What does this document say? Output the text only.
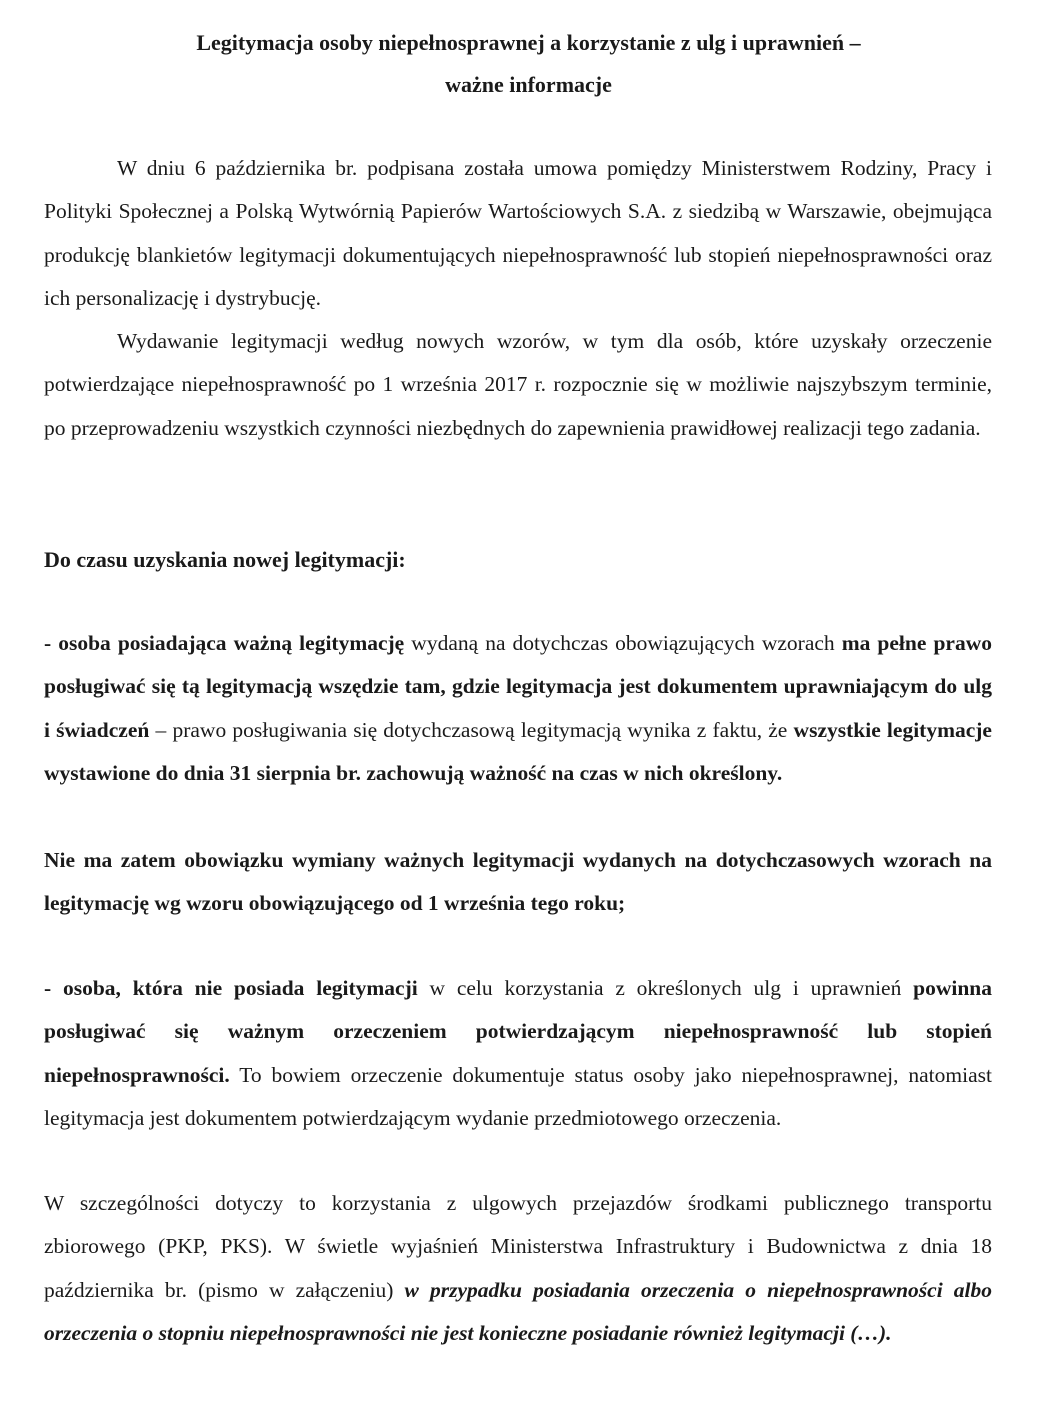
Legitymacja osoby niepełnosprawnej a korzystanie z ulg i uprawnień –
ważne informacje

W dniu 6 października br. podpisana została umowa pomiędzy Ministerstwem Rodziny, Pracy i Polityki Społecznej a Polską Wytwórnią Papierów Wartościowych S.A. z siedzibą w Warszawie, obejmująca produkcję blankietów legitymacji dokumentujących niepełnosprawność lub stopień niepełnosprawności oraz ich personalizację i dystrybucję.

Wydawanie legitymacji według nowych wzorów, w tym dla osób, które uzyskały orzeczenie potwierdzające niepełnosprawność po 1 września 2017 r. rozpocznie się w możliwie najszybszym terminie, po przeprowadzeniu wszystkich czynności niezbędnych do zapewnienia prawidłowej realizacji tego zadania.

Do czasu uzyskania nowej legitymacji:

- osoba posiadająca ważną legitymację wydaną na dotychczas obowiązujących wzorach ma pełne prawo posługiwać się tą legitymacją wszędzie tam, gdzie legitymacja jest dokumentem uprawniającym do ulg i świadczeń – prawo posługiwania się dotychczasową legitymacją wynika z faktu, że wszystkie legitymacje wystawione do dnia 31 sierpnia br. zachowują ważność na czas w nich określony.

Nie ma zatem obowiązku wymiany ważnych legitymacji wydanych na dotychczasowych wzorach na legitymację wg wzoru obowiązującego od 1 września tego roku;

- osoba, która nie posiada legitymacji w celu korzystania z określonych ulg i uprawnień powinna posługiwać się ważnym orzeczeniem potwierdzającym niepełnosprawność lub stopień niepełnosprawności. To bowiem orzeczenie dokumentuje status osoby jako niepełnosprawnej, natomiast legitymacja jest dokumentem potwierdzającym wydanie przedmiotowego orzeczenia.

W szczególności dotyczy to korzystania z ulgowych przejazdów środkami publicznego transportu zbiorowego (PKP, PKS). W świetle wyjaśnień Ministerstwa Infrastruktury i Budownictwa z dnia 18 października br. (pismo w załączeniu) w przypadku posiadania orzeczenia o niepełnosprawności albo orzeczenia o stopniu niepełnosprawności nie jest konieczne posiadanie również legitymacji (…).
